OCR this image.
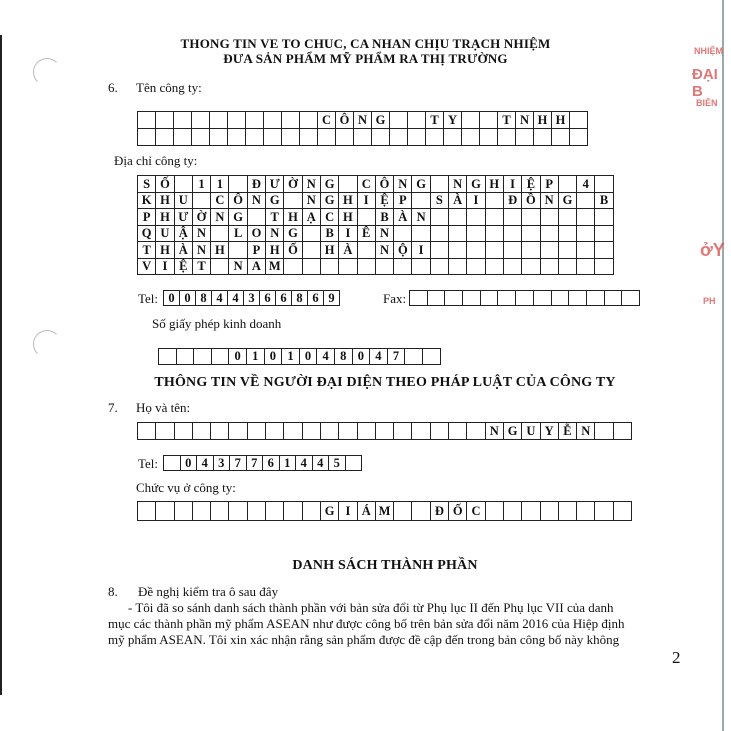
THONG TIN VE TO CHUC, CA NHAN CHỊU TRẠCH NHIỆM
ĐƯA SẢN PHẨM MỸ PHẨM RA THỊ TRƯỜNG
6. Tên công ty:
C Ô N G	T Y	T N H H
Địa chỉ công ty:
S Ố	1 1	Đ Ư Ờ N G	C Ô N G	N G H I Ệ P	4
K H U	C Ô N G	N G H I Ệ P	S À I	Đ Ồ N G	B
P H Ư Ờ N G	T H Ạ C H	B À N
Q U Ậ N	L O N G	B I Ê N
T H À N H	P H Ố	H À	N Ộ I
V I Ệ T	N A M
Tel: 0 0 8 4 4 3 6 6 8 6 9	Fax:
Số giấy phép kinh doanh
0 1 0 1 0 4 8 0 4 7
THÔNG TIN VỀ NGƯỜI ĐẠI DIỆN THEO PHÁP LUẬT CỦA CÔNG TY
7. Họ và tên:
N G U Y Ễ N
Tel:	0 4 3 7 7 6 1 4 4 5
Chức vụ ở công ty:
G I Á M	Đ Ố C
DANH SÁCH THÀNH PHẦN
8. Đề nghị kiểm tra ô sau đây
- Tôi đã so sánh danh sách thành phần với bản sửa đổi từ Phụ lục II đến Phụ lục VII của danh
mục các thành phần mỹ phẩm ASEAN như được công bố trên bản sửa đổi năm 2016 của Hiệp định
mỹ phẩm ASEAN. Tôi xin xác nhận rằng sản phẩm được đề cập đến trong bản công bố này không
2
NHIỆM
ĐẠI B
BIÊN
ởY
PH
